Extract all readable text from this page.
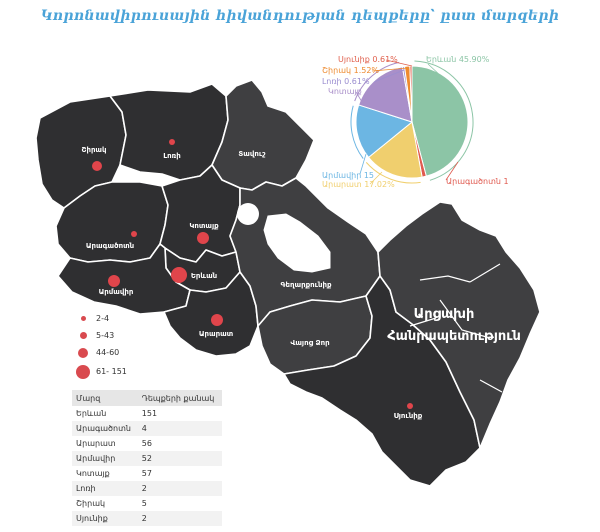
Կորոնավիրուսային հիվանդության դեպքերը՝ ըստ մարզերի
Շիրակ
Լոռի	Տավուշ
Կոտայք
Արագածոտն
Երևան
Արմավիր
Արարատ
Գեղարքունիք
Վայոց Ձոր
Սյունիք
Արցախի
Հանրապետություն
2-4
5-43
44-60
61- 151
Մարզ	Դեպքերի քանակ
Երևան	151
Արագածոտն	4
Արարատ	56
Արմավիր	52
Կոտայք	57
Լոռի	2
Շիրակ	5
Սյունիք	2
Երևան 45.90%
Արագածոտն 1
Արարատ 17.02%
Արմավիր 15
Կոտայք
Լոռի 0.61%
Շիրակ 1.52%
Սյունիք 0.61%
